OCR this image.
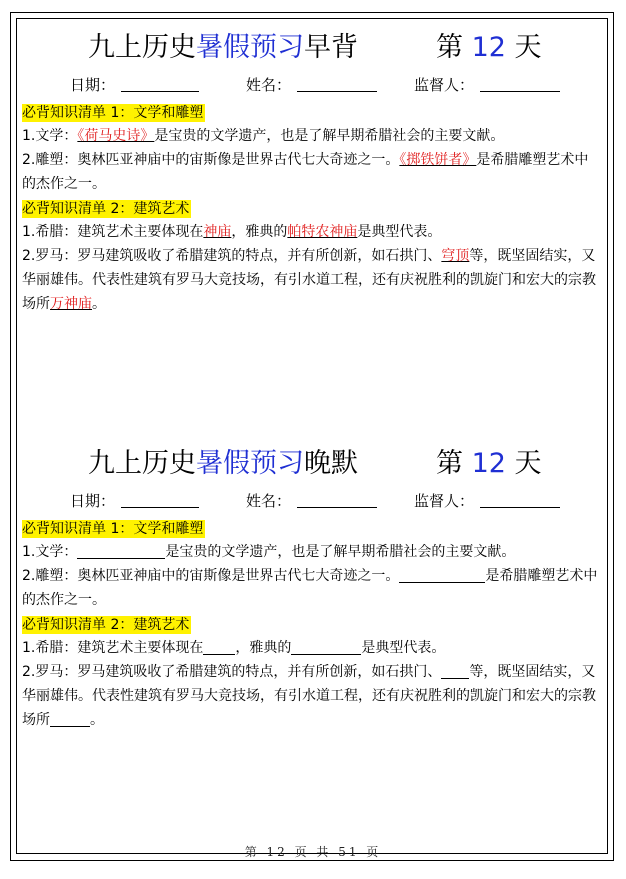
九上历史暑假预习早背	第 12 天
日期：	姓名：	监督人：

必背知识清单 1：文学和雕塑

1.文学：《荷马史诗》是宝贵的文学遗产，也是了解早期希腊社会的主要文献。

2.雕塑：奥林匹亚神庙中的宙斯像是世界古代七大奇迹之一。《掷铁饼者》是希腊雕塑艺术中的杰作之一。

必背知识清单 2：建筑艺术

1.希腊：建筑艺术主要体现在神庙，雅典的帕特农神庙是典型代表。

2.罗马：罗马建筑吸收了希腊建筑的特点，并有所创新，如石拱门、穹顶等，既坚固结实，又华丽雄伟。代表性建筑有罗马大竞技场，有引水道工程，还有庆祝胜利的凯旋门和宏大的宗教场所万神庙。

九上历史暑假预习晚默	第 12 天
日期：	姓名：	监督人：

必背知识清单 1：文学和雕塑

1.文学：	是宝贵的文学遗产，也是了解早期希腊社会的主要文献。

2.雕塑：奥林匹亚神庙中的宙斯像是世界古代七大奇迹之一。	是希腊雕塑艺术中的杰作之一。

必背知识清单 2：建筑艺术

1.希腊：建筑艺术主要体现在 ，雅典的	是典型代表。

2.罗马：罗马建筑吸收了希腊建筑的特点，并有所创新，如石拱门、 等，既坚固结实，又华丽雄伟。代表性建筑有罗马大竞技场，有引水道工程，还有庆祝胜利的凯旋门和宏大的宗教场所	。

第 12 页 共 51 页
